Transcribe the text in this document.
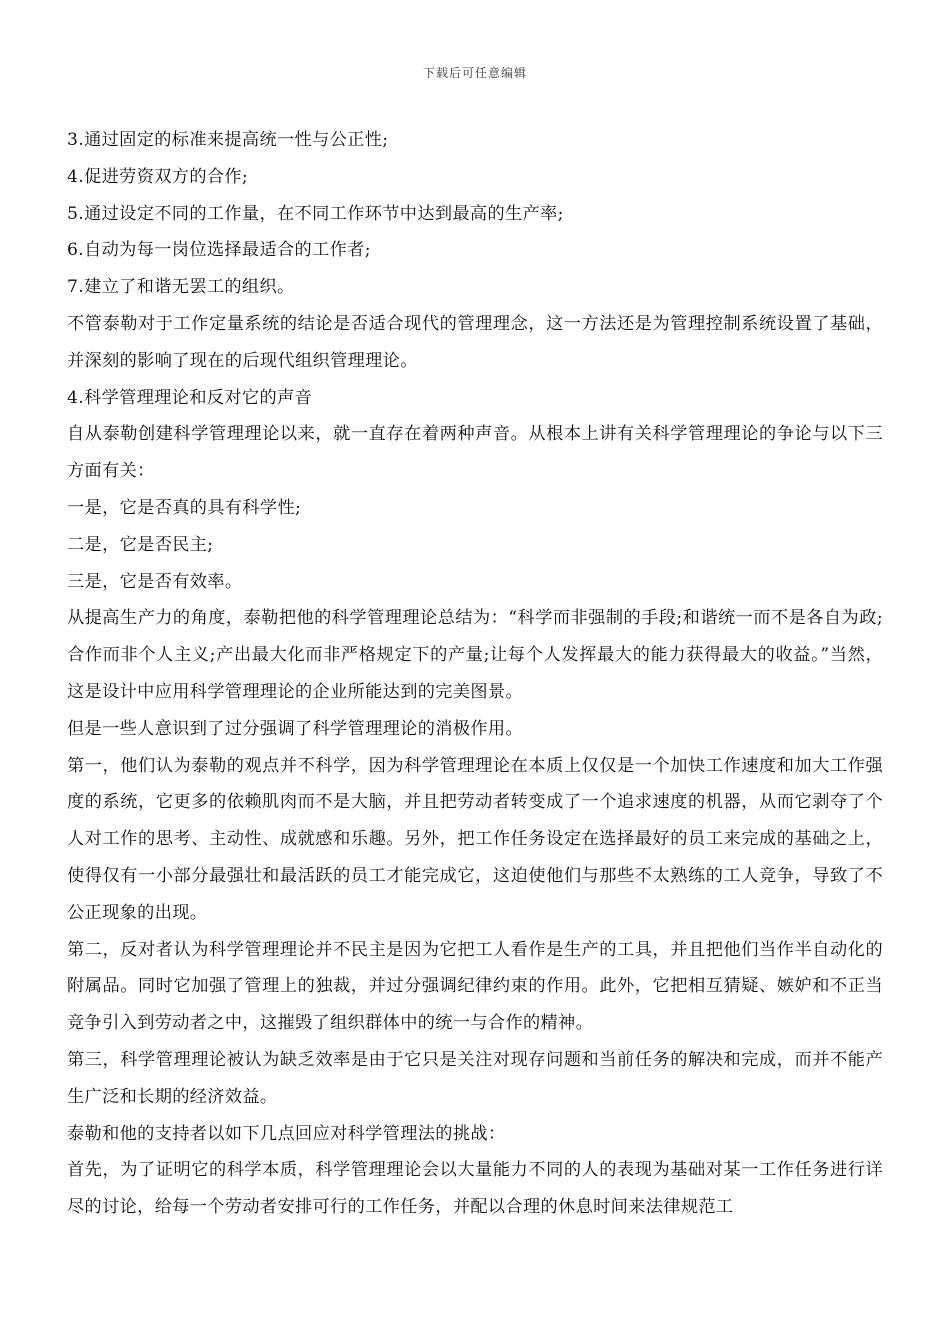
下载后可任意编辑

3.通过固定的标准来提高统一性与公正性;

4.促进劳资双方的合作;

5.通过设定不同的工作量，在不同工作环节中达到最高的生产率;

6.自动为每一岗位选择最适合的工作者;

7.建立了和谐无罢工的组织。

不管泰勒对于工作定量系统的结论是否适合现代的管理理念，这一方法还是为管理控制系统设置了基础，并深刻的影响了现在的后现代组织管理理论。

4.科学管理理论和反对它的声音

自从泰勒创建科学管理理论以来，就一直存在着两种声音。从根本上讲有关科学管理理论的争论与以下三方面有关：

一是，它是否真的具有科学性;

二是，它是否民主;

三是，它是否有效率。

从提高生产力的角度，泰勒把他的科学管理理论总结为：“科学而非强制的手段;和谐统一而不是各自为政;合作而非个人主义;产出最大化而非严格规定下的产量;让每个人发挥最大的能力获得最大的收益。”当然，这是设计中应用科学管理理论的企业所能达到的完美图景。

但是一些人意识到了过分强调了科学管理理论的消极作用。

第一，他们认为泰勒的观点并不科学，因为科学管理理论在本质上仅仅是一个加快工作速度和加大工作强度的系统，它更多的依赖肌肉而不是大脑，并且把劳动者转变成了一个追求速度的机器，从而它剥夺了个人对工作的思考、主动性、成就感和乐趣。另外，把工作任务设定在选择最好的员工来完成的基础之上，使得仅有一小部分最强壮和最活跃的员工才能完成它，这迫使他们与那些不太熟练的工人竞争，导致了不公正现象的出现。

第二，反对者认为科学管理理论并不民主是因为它把工人看作是生产的工具，并且把他们当作半自动化的附属品。同时它加强了管理上的独裁，并过分强调纪律约束的作用。此外，它把相互猜疑、嫉妒和不正当竞争引入到劳动者之中，这摧毁了组织群体中的统一与合作的精神。

第三，科学管理理论被认为缺乏效率是由于它只是关注对现存问题和当前任务的解决和完成，而并不能产生广泛和长期的经济效益。

泰勒和他的支持者以如下几点回应对科学管理法的挑战：

首先，为了证明它的科学本质，科学管理理论会以大量能力不同的人的表现为基础对某一工作任务进行详尽的讨论，给每一个劳动者安排可行的工作任务，并配以合理的休息时间来法律规范工
